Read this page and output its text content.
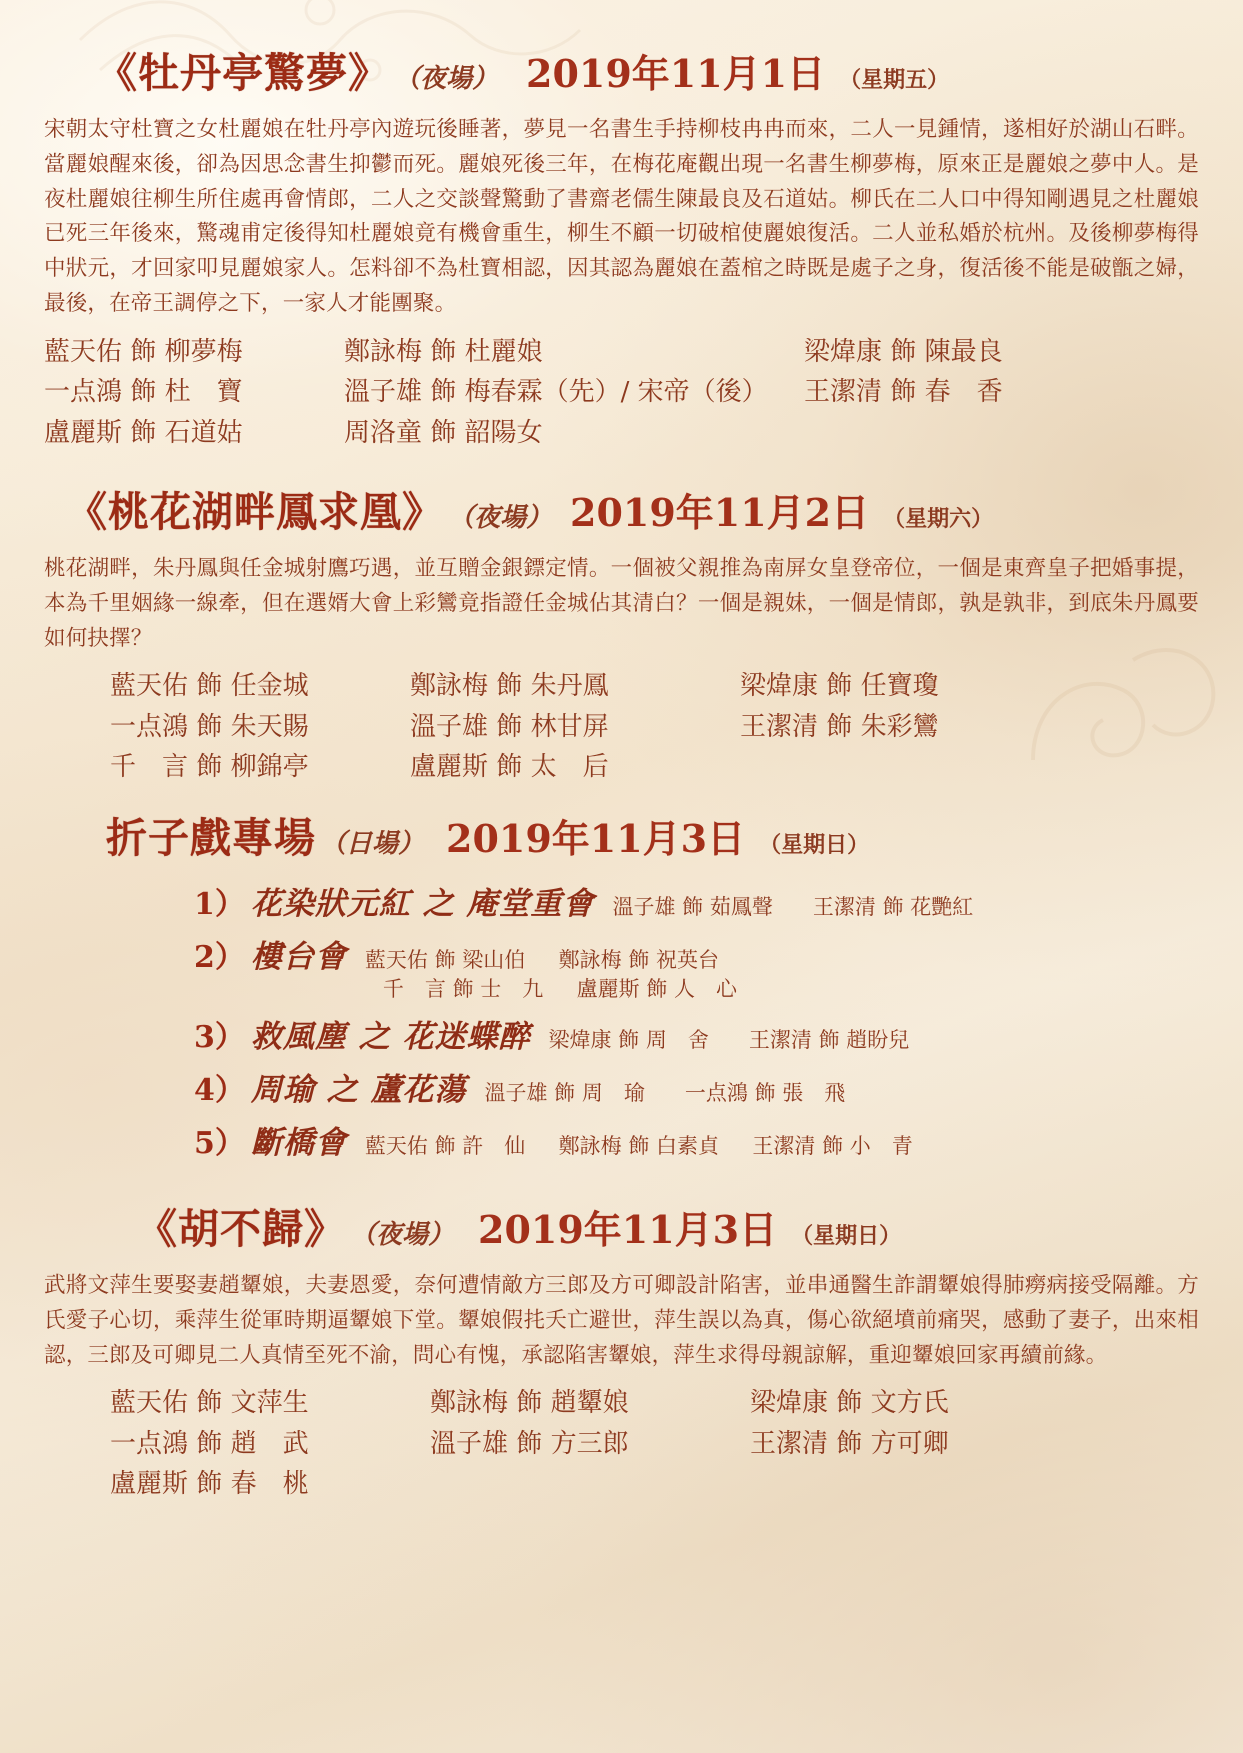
《牡丹亭驚夢》 （夜場） 2019年11月1日 （星期五）

宋朝太守杜寶之女杜麗娘在牡丹亭內遊玩後睡著，夢見一名書生手持柳枝冉冉而來，二人一見鍾情，遂相好於湖山石畔。當麗娘醒來後，卻為因思念書生抑鬱而死。麗娘死後三年，在梅花庵觀出現一名書生柳夢梅，原來正是麗娘之夢中人。是夜杜麗娘往柳生所住處再會情郎，二人之交談聲驚動了書齋老儒生陳最良及石道姑。柳氏在二人口中得知剛遇見之杜麗娘已死三年後來，驚魂甫定後得知杜麗娘竟有機會重生，柳生不顧一切破棺使麗娘復活。二人並私婚於杭州。及後柳夢梅得中狀元，才回家叩見麗娘家人。怎料卻不為杜寶相認，因其認為麗娘在蓋棺之時既是處子之身，復活後不能是破甑之婦，最後，在帝王調停之下，一家人才能團聚。

藍天佑 飾 柳夢梅	鄭詠梅 飾 杜麗娘	梁煒康 飾 陳最良
一点鴻 飾 杜　寶	溫子雄 飾 梅春霖（先）/ 宋帝（後）	王潔清 飾 春　香
盧麗斯 飾 石道姑	周洛童 飾 韶陽女
《桃花湖畔鳳求凰》 （夜場） 2019年11月2日 （星期六）

桃花湖畔，朱丹鳳與任金城射鷹巧遇，並互贈金銀鏢定情。一個被父親推為南屏女皇登帝位，一個是東齊皇子把婚事提，本為千里姻緣一線牽，但在選婿大會上彩鸞竟指證任金城佔其清白？一個是親妹，一個是情郎，孰是孰非，到底朱丹鳳要如何抉擇？

藍天佑 飾 任金城	鄭詠梅 飾 朱丹鳳	梁煒康 飾 任寶瓊
一点鴻 飾 朱天賜	溫子雄 飾 林甘屏	王潔清 飾 朱彩鸞
千　言 飾 柳錦亭	盧麗斯 飾 太　后
折子戲專場 （日場） 2019年11月3日 （星期日）
1） 花染狀元紅 之 庵堂重會 溫子雄 飾 茹鳳聲 王潔清 飾 花艷紅
2） 樓台會 藍天佑 飾 梁山伯 鄭詠梅 飾 祝英台
千　言 飾 士　九 盧麗斯 飾 人　心
3） 救風塵 之 花迷蝶醉 梁煒康 飾 周　舍 王潔清 飾 趙盼兒
4） 周瑜 之 蘆花蕩 溫子雄 飾 周　瑜 一点鴻 飾 張　飛
5） 斷橋會 藍天佑 飾 許　仙 鄭詠梅 飾 白素貞 王潔清 飾 小　青
《胡不歸》 （夜場） 2019年11月3日 （星期日）

武將文萍生要娶妻趙顰娘，夫妻恩愛，奈何遭情敵方三郎及方可卿設計陷害，並串通醫生詐謂顰娘得肺癆病接受隔離。方氏愛子心切，乘萍生從軍時期逼顰娘下堂。顰娘假扥夭亡避世，萍生誤以為真，傷心欲絕墳前痛哭，感動了妻子，出來相認，三郎及可卿見二人真情至死不渝，問心有愧，承認陷害顰娘，萍生求得母親諒解，重迎顰娘回家再續前緣。

藍天佑 飾 文萍生	鄭詠梅 飾 趙顰娘	梁煒康 飾 文方氏
一点鴻 飾 趙　武	溫子雄 飾 方三郎	王潔清 飾 方可卿
盧麗斯 飾 春　桃
